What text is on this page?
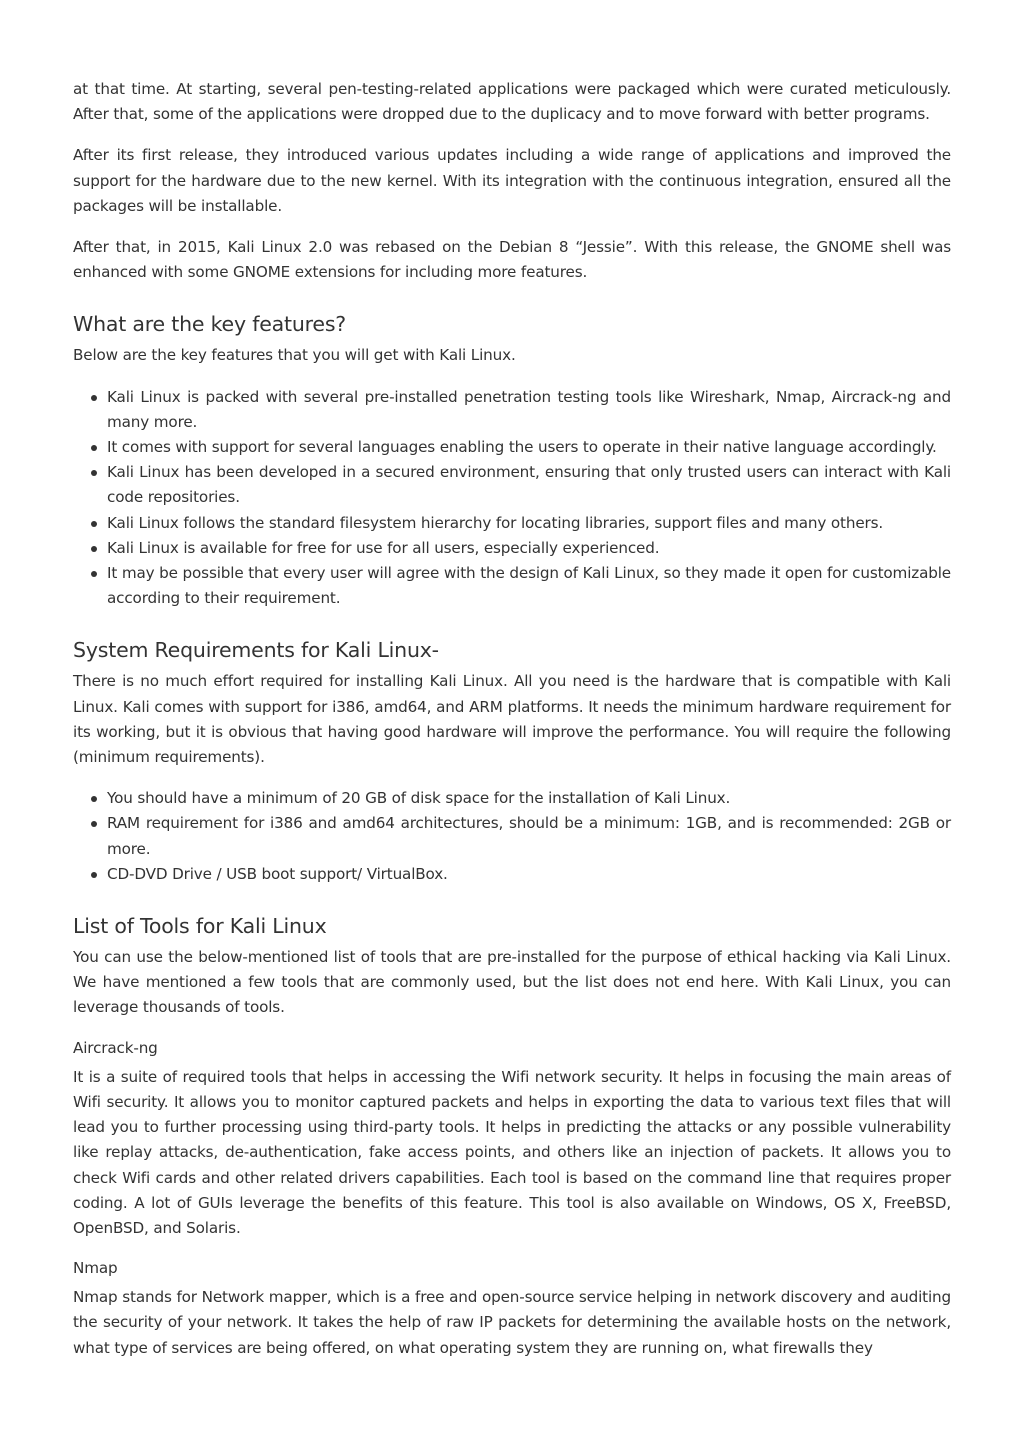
at that time. At starting, several pen-testing-related applications were packaged which were curated meticulously. After that, some of the applications were dropped due to the duplicacy and to move forward with better programs.

After its first release, they introduced various updates including a wide range of applications and improved the support for the hardware due to the new kernel. With its integration with the continuous integration, ensured all the packages will be installable.

After that, in 2015, Kali Linux 2.0 was rebased on the Debian 8 “Jessie”. With this release, the GNOME shell was enhanced with some GNOME extensions for including more features.

What are the key features?

Below are the key features that you will get with Kali Linux.

Kali Linux is packed with several pre-installed penetration testing tools like Wireshark, Nmap, Aircrack-ng and many more.
It comes with support for several languages enabling the users to operate in their native language accordingly.
Kali Linux has been developed in a secured environment, ensuring that only trusted users can interact with Kali code repositories.
Kali Linux follows the standard filesystem hierarchy for locating libraries, support files and many others.
Kali Linux is available for free for use for all users, especially experienced.
It may be possible that every user will agree with the design of Kali Linux, so they made it open for customizable according to their requirement.
System Requirements for Kali Linux-

There is no much effort required for installing Kali Linux. All you need is the hardware that is compatible with Kali Linux. Kali comes with support for i386, amd64, and ARM platforms. It needs the minimum hardware requirement for its working, but it is obvious that having good hardware will improve the performance. You will require the following (minimum requirements).

You should have a minimum of 20 GB of disk space for the installation of Kali Linux.
RAM requirement for i386 and amd64 architectures, should be a minimum: 1GB, and is recommended: 2GB or more.
CD-DVD Drive / USB boot support/ VirtualBox.
List of Tools for Kali Linux

You can use the below-mentioned list of tools that are pre-installed for the purpose of ethical hacking via Kali Linux. We have mentioned a few tools that are commonly used, but the list does not end here. With Kali Linux, you can leverage thousands of tools.

Aircrack-ng

It is a suite of required tools that helps in accessing the Wifi network security. It helps in focusing the main areas of Wifi security. It allows you to monitor captured packets and helps in exporting the data to various text files that will lead you to further processing using third-party tools. It helps in predicting the attacks or any possible vulnerability like replay attacks, de-authentication, fake access points, and others like an injection of packets. It allows you to check Wifi cards and other related drivers capabilities. Each tool is based on the command line that requires proper coding. A lot of GUIs leverage the benefits of this feature. This tool is also available on Windows, OS X, FreeBSD, OpenBSD, and Solaris.

Nmap

Nmap stands for Network mapper, which is a free and open-source service helping in network discovery and auditing the security of your network. It takes the help of raw IP packets for determining the available hosts on the network, what type of services are being offered, on what operating system they are running on, what firewalls they
